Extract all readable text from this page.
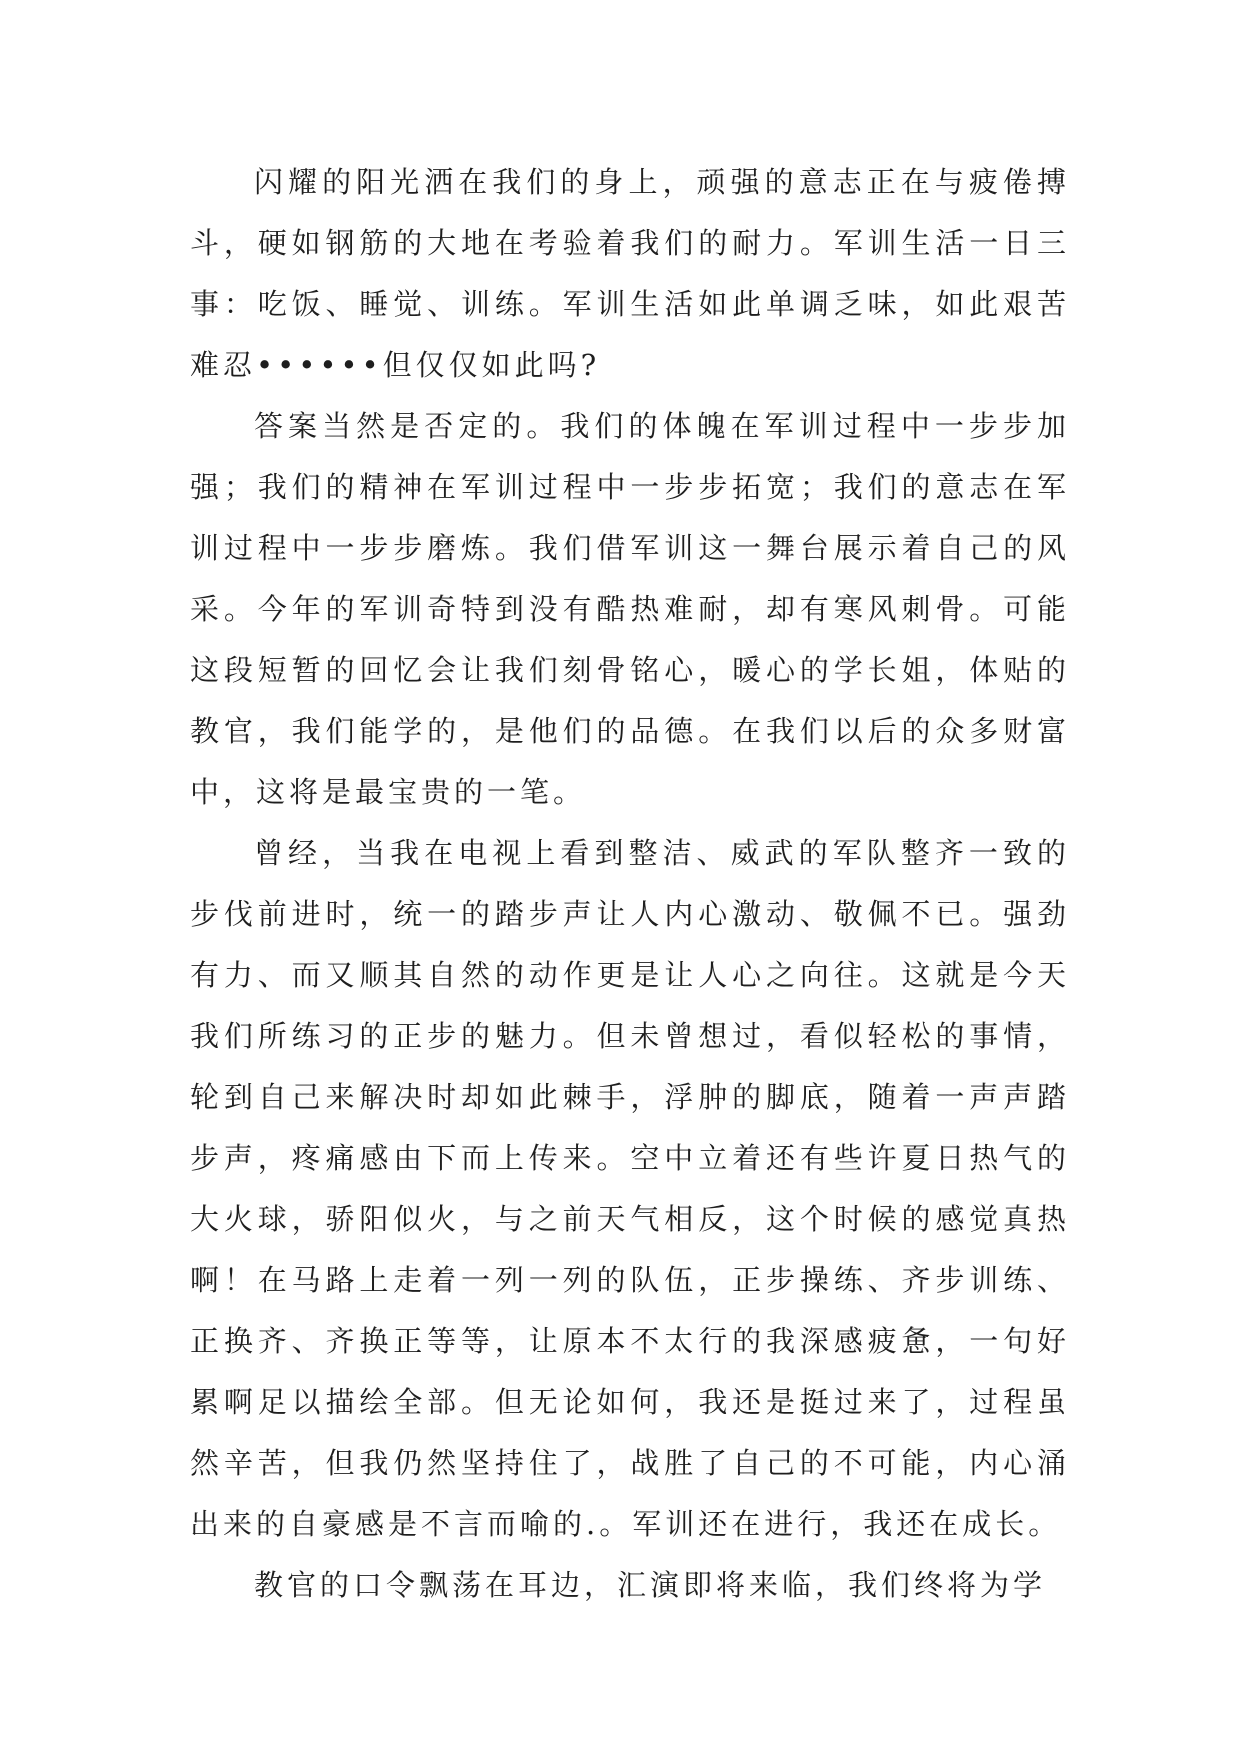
闪耀的阳光洒在我们的身上，顽强的意志正在与疲倦搏斗，硬如钢筋的大地在考验着我们的耐力。军训生活一日三事：吃饭、睡觉、训练。军训生活如此单调乏味，如此艰苦难忍••••••但仅仅如此吗?

答案当然是否定的。我们的体魄在军训过程中一步步加强；我们的精神在军训过程中一步步拓宽；我们的意志在军训过程中一步步磨炼。我们借军训这一舞台展示着自己的风采。今年的军训奇特到没有酷热难耐，却有寒风刺骨。可能这段短暂的回忆会让我们刻骨铭心，暖心的学长姐，体贴的教官，我们能学的，是他们的品德。在我们以后的众多财富中，这将是最宝贵的一笔。

曾经，当我在电视上看到整洁、威武的军队整齐一致的步伐前进时，统一的踏步声让人内心激动、敬佩不已。强劲有力、而又顺其自然的动作更是让人心之向往。这就是今天我们所练习的正步的魅力。但未曾想过，看似轻松的事情，轮到自己来解决时却如此棘手，浮肿的脚底，随着一声声踏步声，疼痛感由下而上传来。空中立着还有些许夏日热气的大火球，骄阳似火，与之前天气相反，这个时候的感觉真热啊！在马路上走着一列一列的队伍，正步操练、齐步训练、正换齐、齐换正等等，让原本不太行的我深感疲惫，一句好累啊足以描绘全部。但无论如何，我还是挺过来了，过程虽然辛苦，但我仍然坚持住了，战胜了自己的不可能，内心涌出来的自豪感是不言而喻的.。军训还在进行，我还在成长。

教官的口令飘荡在耳边，汇演即将来临，我们终将为学
